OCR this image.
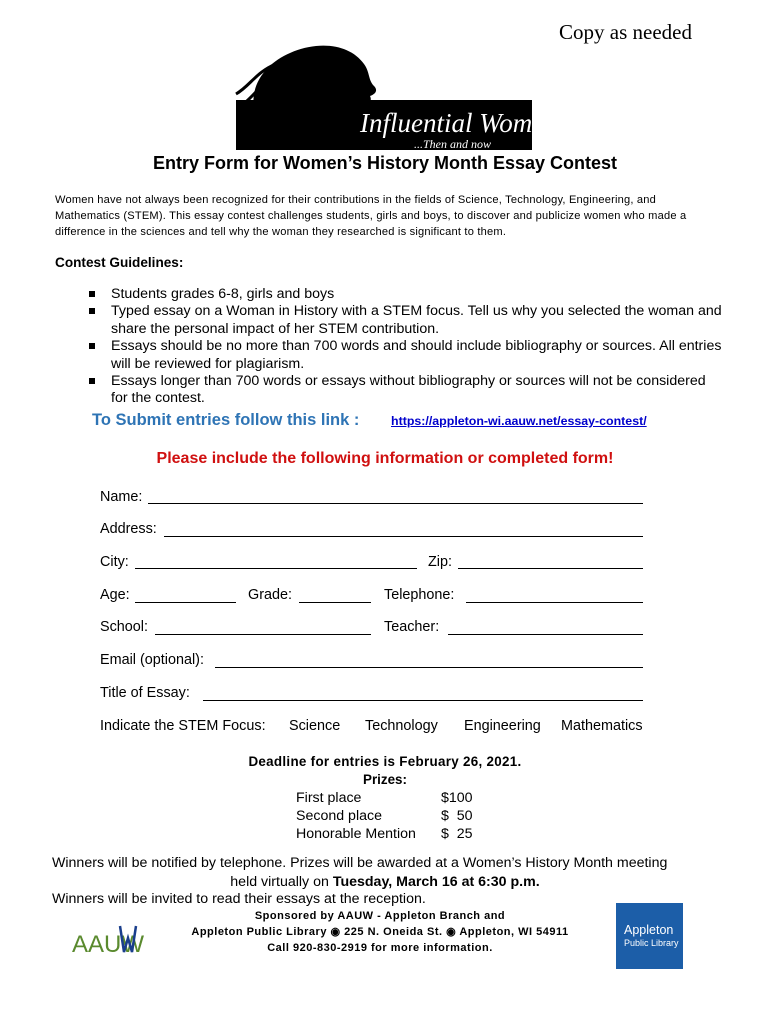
Copy as needed
Influential Women
...Then and now
Entry Form for Women’s History Month Essay Contest
Women have not always been recognized for their contributions in the fields of Science, Technology, Engineering, and Mathematics (STEM). This essay contest challenges students, girls and boys, to discover and publicize women who made a difference in the sciences and tell why the woman they researched is significant to them.
Contest Guidelines:
Students grades 6-8, girls and boys
Typed essay on a Woman in History with a STEM focus. Tell us why you selected the woman and share the personal impact of her STEM contribution.
Essays should be no more than 700 words and should include bibliography or sources. All entries will be reviewed for plagiarism.
Essays longer than 700 words or essays without bibliography or sources will not be considered for the contest.
To Submit entries follow this link :	https://appleton-wi.aauw.net/essay-contest/
Please include the following information or completed form!
Name:
Address:
City:	Zip:
Age:	Grade:	Telephone:
School:	Teacher:
Email (optional):
Title of Essay:
Indicate the STEM Focus: Science Technology Engineering Mathematics
Deadline for entries is February 26, 2021.
Prizes:
First place	$100
Second place	$  50
Honorable Mention $  25
Winners will be notified by telephone. Prizes will be awarded at a Women’s History Month meeting
held virtually on Tuesday, March 16 at 6:30 p.m.
Winners will be invited to read their essays at the reception.
Sponsored by AAUW - Appleton Branch and
Appleton Public Library ◉ 225 N. Oneida St. ◉ Appleton, WI 54911
Call 920-830-2919 for more information.
AAUW
Appleton
Public Library
